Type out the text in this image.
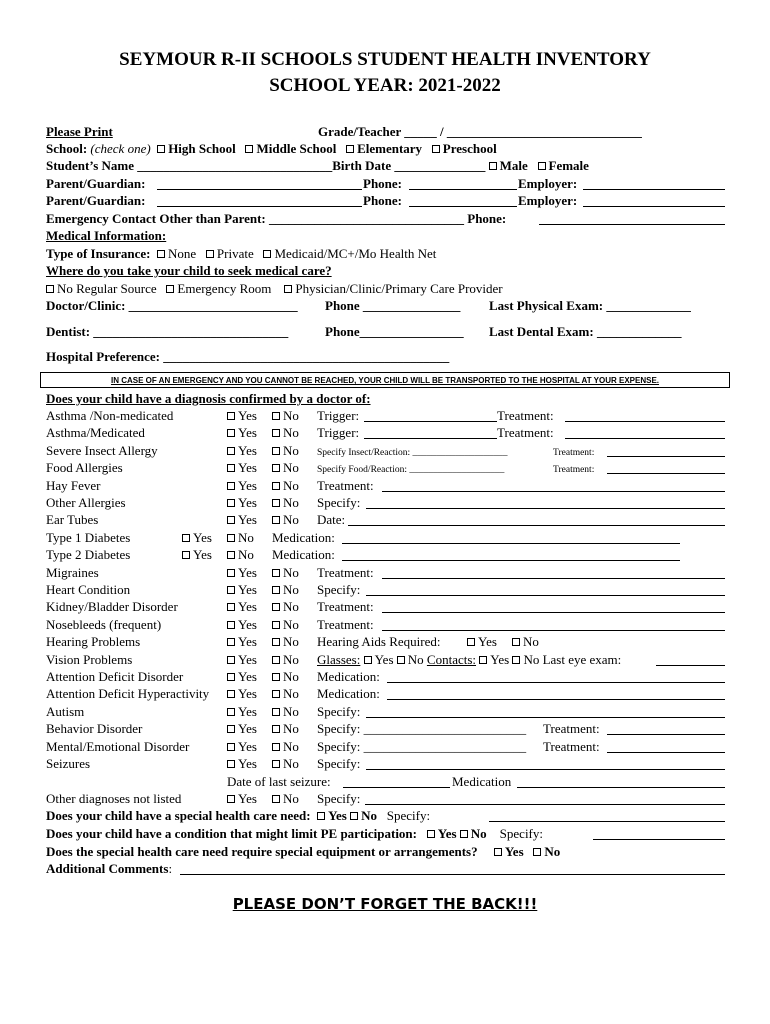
SEYMOUR R-II SCHOOLS STUDENT HEALTH INVENTORY
SCHOOL YEAR: 2021-2022
Please Print	Grade/Teacher _____ / ______________________________
School: (check one) High School Middle School Elementary Preschool
Student’s Name ______________________________Birth Date ______________ Male Female
Parent/Guardian:	Phone:	Employer:
Parent/Guardian:	Phone:	Employer:
Emergency Contact Other than Parent: ______________________________ Phone:
Medical Information:
Type of Insurance: None Private Medicaid/MC+/Mo Health Net
Where do you take your child to seek medical care?
No Regular Source Emergency Room Physician/Clinic/Primary Care Provider
Doctor/Clinic: __________________________ Phone _______________ Last Physical Exam: _____________
Dentist: ______________________________	Phone________________ Last Dental Exam: _____________
Hospital Preference: ____________________________________________
IN CASE OF AN EMERGENCY AND YOU CANNOT BE REACHED, YOUR CHILD WILL BE TRANSPORTED TO THE HOSPITAL AT YOUR EXPENSE.
Does your child have a diagnosis confirmed by a doctor of:
Asthma /Non-medicated	Yes	No Trigger:	Treatment:
Asthma/Medicated	Yes	No Trigger:	Treatment:
Severe Insect Allergy	Yes	No Specify Insect/Reaction: ____________________	Treatment:
Food Allergies	Yes	No Specify Food/Reaction: ____________________	Treatment:
Hay Fever	Yes	No Treatment:
Other Allergies	Yes	No Specify:
Ear Tubes	Yes	No Date:
Type 1 Diabetes	Yes	No Medication:
Type 2 Diabetes	Yes	No Medication:
Migraines	Yes	No Treatment:
Heart Condition	Yes	No Specify:
Kidney/Bladder Disorder	Yes	No Treatment:
Nosebleeds (frequent)	Yes	No Treatment:
Hearing Problems	Yes	No Hearing Aids Required:	Yes	No
Vision Problems	Yes	No Glasses: Yes No Contacts: Yes No Last eye exam:
Attention Deficit Disorder	Yes	No Medication:
Attention Deficit Hyperactivity	Yes	No Medication:
Autism	Yes	No Specify:
Behavior Disorder	Yes	No Specify: _________________________ Treatment:
Mental/Emotional Disorder	Yes	No Specify: _________________________ Treatment:
Seizures	Yes	No Specify:
Date of last seizure:	Medication
Other diagnoses not listed	Yes	No Specify:
Does your child have a special health care need: Yes No Specify:
Does your child have a condition that might limit PE participation: Yes No Specify:
Does the special health care need require special equipment or arrangements? Yes No
Additional Comments:
PLEASE DON’T FORGET THE BACK!!!
